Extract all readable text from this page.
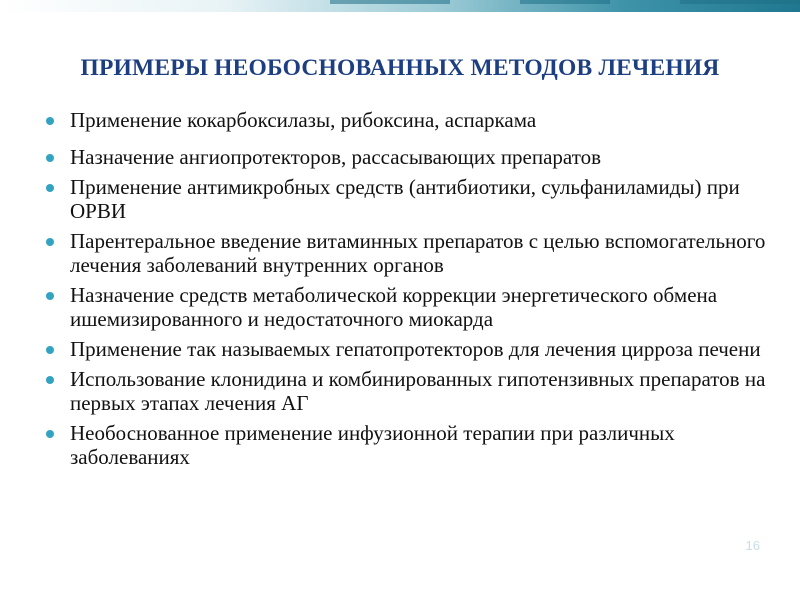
ПРИМЕРЫ НЕОБОСНОВАННЫХ МЕТОДОВ ЛЕЧЕНИЯ
Применение кокарбоксилазы, рибоксина, аспаркама
Назначение ангиопротекторов, рассасывающих препаратов
Применение антимикробных средств (антибиотики, сульфаниламиды) при ОРВИ
Парентеральное введение витаминных препаратов с целью вспомогательного лечения заболеваний внутренних органов
Назначение средств метаболической коррекции энергетического обмена ишемизированного и недостаточного миокарда
Применение так называемых гепатопротекторов для лечения цирроза печени
Использование клонидина и комбинированных гипотензивных препаратов на первых этапах лечения АГ
Необоснованное применение инфузионной терапии при различных заболеваниях
16
